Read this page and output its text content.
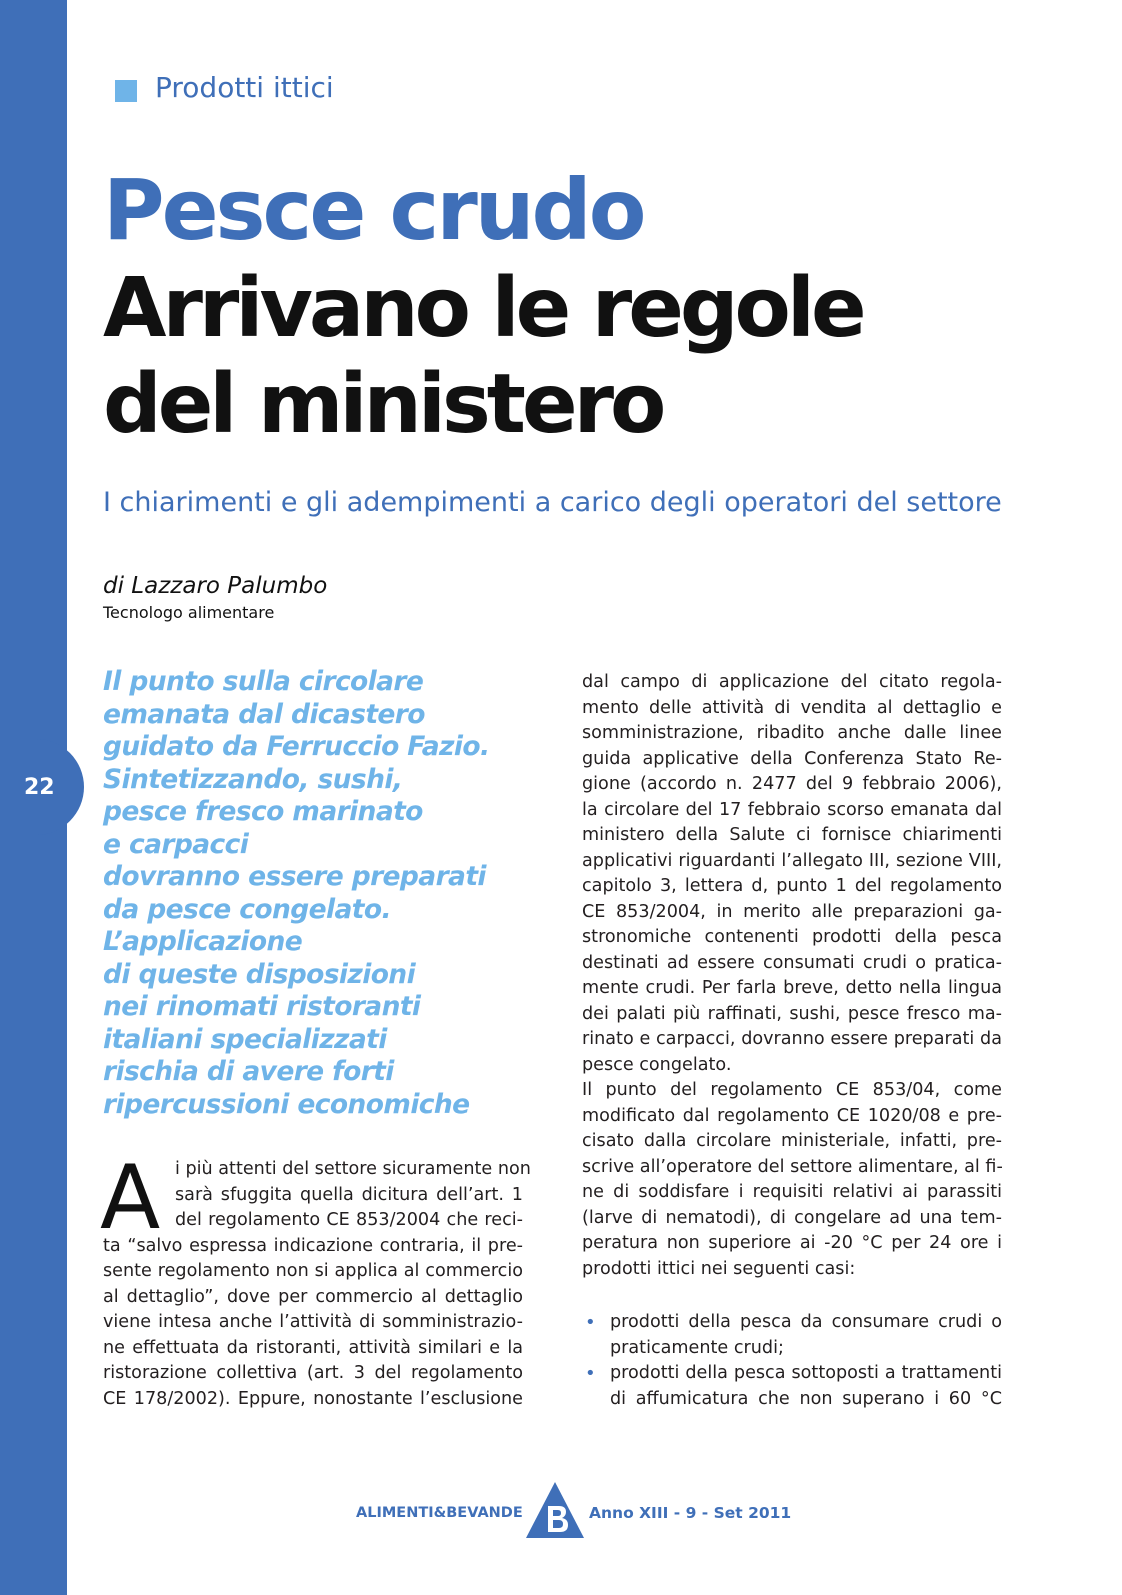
22
Prodotti ittici
Pesce crudo
Arrivano le regole
del ministero
I chiarimenti e gli adempimenti a carico degli operatori del settore
di Lazzaro Palumbo
Tecnologo alimentare
Il punto sulla circolare
emanata dal dicastero
guidato da Ferruccio Fazio.
Sintetizzando, sushi,
pesce fresco marinato
e carpacci
dovranno essere preparati
da pesce congelato.
L’applicazione
di queste disposizioni
nei rinomati ristoranti
italiani specializzati
rischia di avere forti
ripercussioni economiche
A i più attenti del settore sicuramente non
sarà sfuggita quella dicitura dell’art. 1
del regolamento CE 853/2004 che reci-
ta “salvo espressa indicazione contraria, il pre-
sente regolamento non si applica al commercio
al dettaglio”, dove per commercio al dettaglio
viene intesa anche l’attività di somministrazio-
ne effettuata da ristoranti, attività similari e la
ristorazione collettiva (art. 3 del regolamento
CE 178/2002). Eppure, nonostante l’esclusione
dal campo di applicazione del citato regola-
mento delle attività di vendita al dettaglio e
somministrazione, ribadito anche dalle linee
guida applicative della Conferenza Stato Re-
gione (accordo n. 2477 del 9 febbraio 2006),
la circolare del 17 febbraio scorso emanata dal
ministero della Salute ci fornisce chiarimenti
applicativi riguardanti l’allegato III, sezione VIII,
capitolo 3, lettera d, punto 1 del regolamento
CE 853/2004, in merito alle preparazioni ga-
stronomiche contenenti prodotti della pesca
destinati ad essere consumati crudi o pratica-
mente crudi. Per farla breve, detto nella lingua
dei palati più raffinati, sushi, pesce fresco ma-
rinato e carpacci, dovranno essere preparati da
pesce congelato.
Il punto del regolamento CE 853/04, come
modificato dal regolamento CE 1020/08 e pre-
cisato dalla circolare ministeriale, infatti, pre-
scrive all’operatore del settore alimentare, al fi-
ne di soddisfare i requisiti relativi ai parassiti
(larve di nematodi), di congelare ad una tem-
peratura non superiore ai -20 °C per 24 ore i
prodotti ittici nei seguenti casi:
• prodotti della pesca da consumare crudi o
praticamente crudi;
• prodotti della pesca sottoposti a trattamenti
di affumicatura che non superano i 60 °C
ALIMENTI&BEVANDE	Anno XIII - 9 - Set 2011
